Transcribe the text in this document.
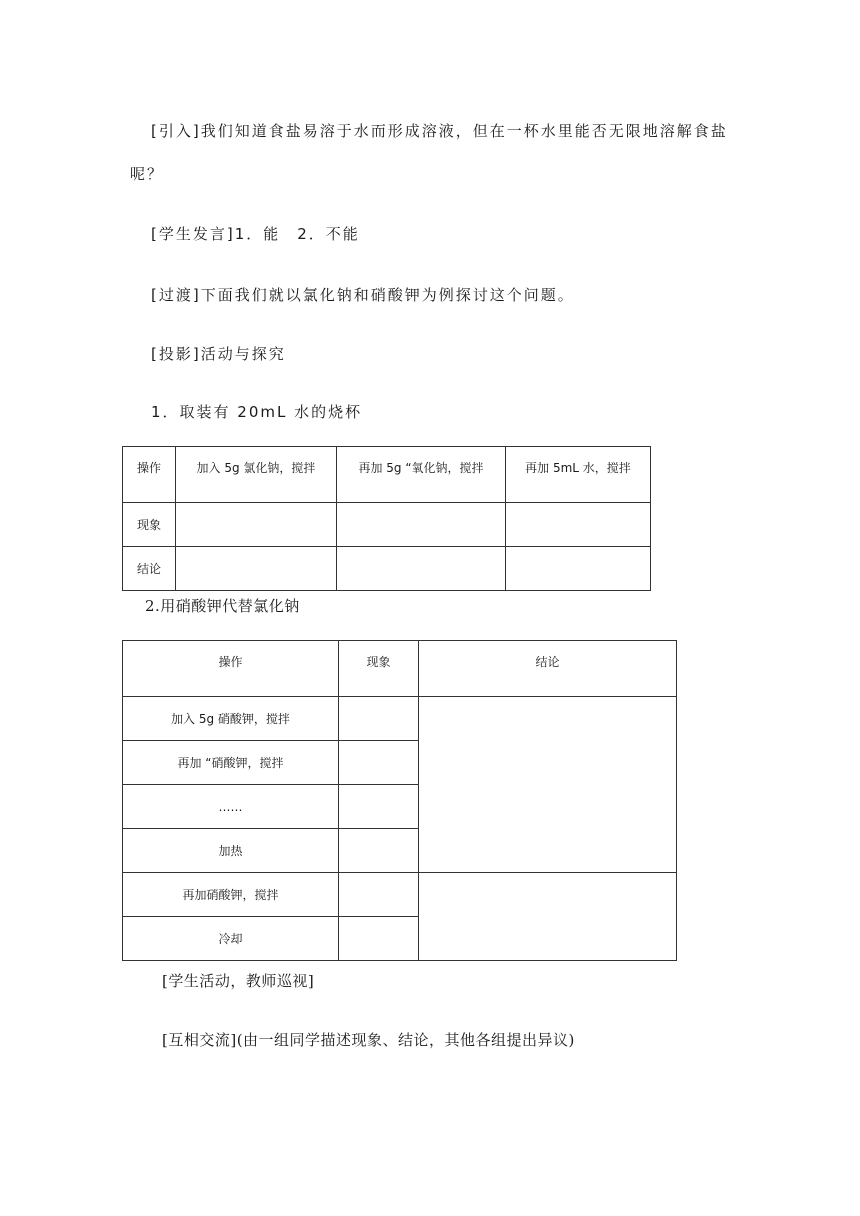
[引入]我们知道食盐易溶于水而形成溶液，但在一杯水里能否无限地溶解食盐
呢？
[学生发言]1．能　2．不能
[过渡]下面我们就以氯化钠和硝酸钾为例探讨这个问题。
[投影]活动与探究
1．取装有 20mL 水的烧杯
操作	加入 5g 氯化钠，搅拌	再加 5g “氧化钠，搅拌	再加 5mL 水，搅拌
现象			
结论			
2.用硝酸钾代替氯化钠
操作	现象	结论
加入 5g 硝酸钾，搅拌		
再加 “硝酸钾，搅拌		
……		
加热		
再加硝酸钾，搅拌		
冷却		
[学生活动，教师巡视]
[互相交流](由一组同学描述现象、结论，其他各组提出异议)
